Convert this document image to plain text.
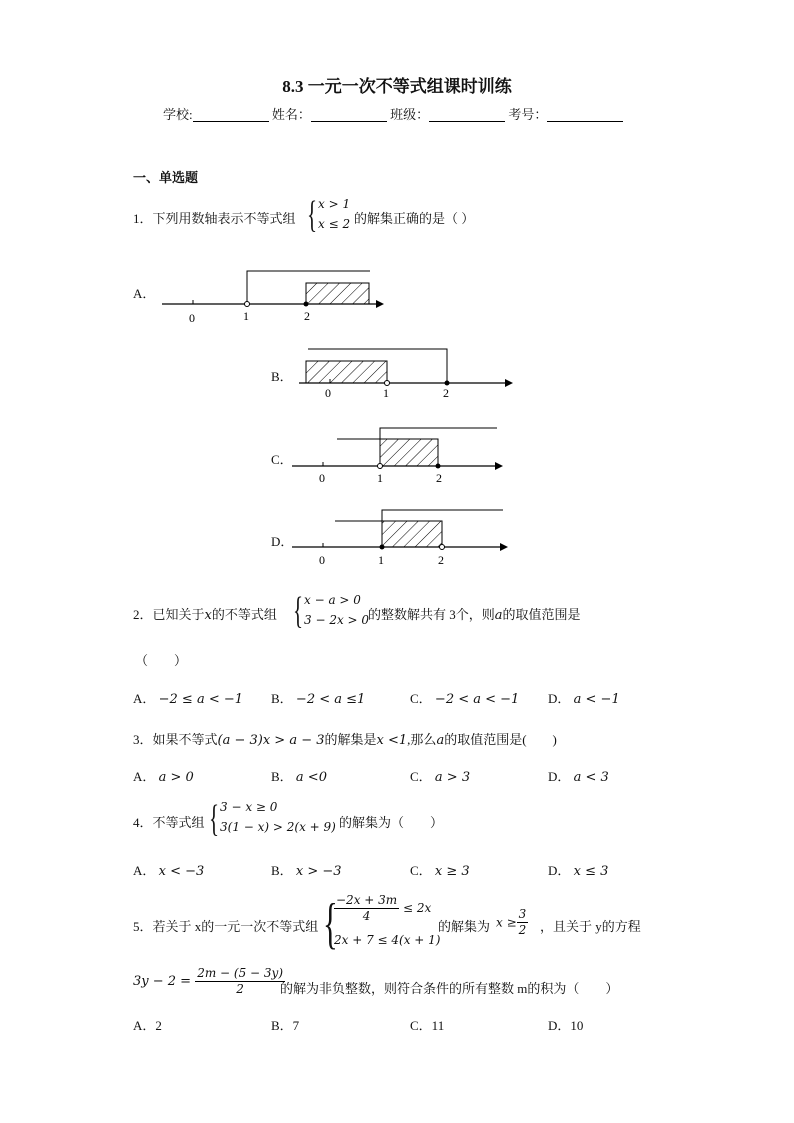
8.3 一元一次不等式组课时训练
学校:	姓名：	班级：	考号：
一、单选题
1．下列用数轴表示不等式组 { x > 1
x ≤ 2 的解集正确的是（ ）
A．
0	1	2
0	1	2
0	1	2
0	1	2
B．
C．
D．
2．已知关于x的不等式组 { x − a > 0
3 − 2x > 0
的整数解共有 3个，则a的取值范围是
（　　）
A． −2 ≤ a < −1 B． −2 < a ≤1	C． −2 < a < −1 D． a < −1
3．如果不等式(a − 3)x > a − 3的解集是x <1,那么a的取值范围是(　　)
A． a > 0	B． a <0	C． a > 3	D． a < 3
4．不等式组 { 3 − x ≥ 0
3(1 − x) > 2(x + 9) 的解集为（　　）
A． x < −3	B． x > −3	C． x ≥ 3	D． x ≤ 3
5．若关于 x的一元一次不等式组 {
$\frac{-2x + 3m}{4} \le 2x$
2x + 7 ≤ 4(x + 1)
的解集为 $x \ge \frac{3}{2}$ ，且关于 y的方程
$3y - 2 = \frac{2m - (5 - 3y)}{2}$
的解为非负整数，则符合条件的所有整数 m的积为（　　）
A．2	B．7	C．11	D．10
